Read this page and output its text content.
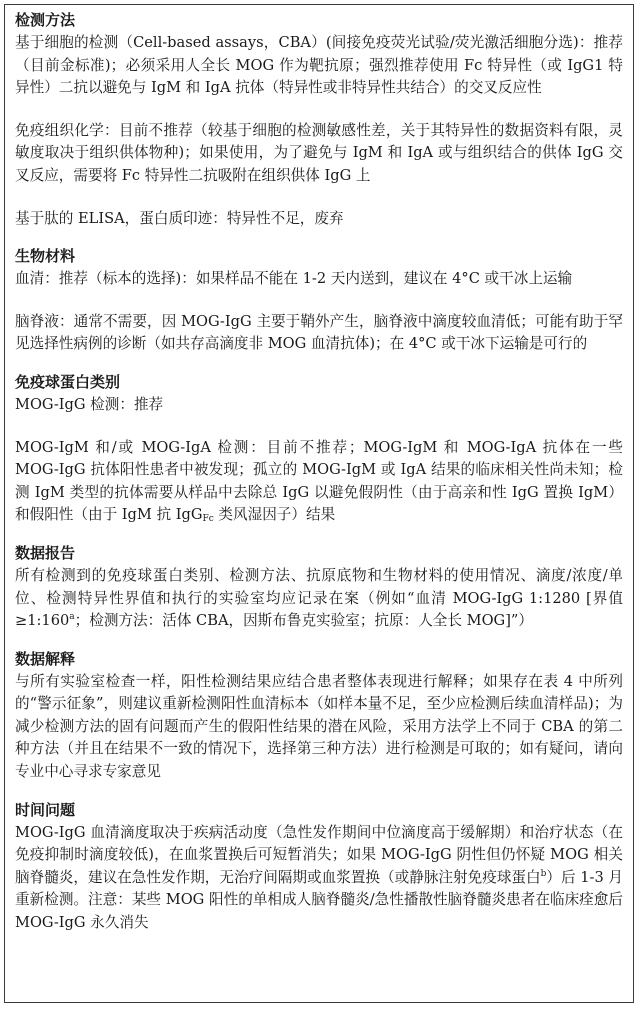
检测方法

基于细胞的检测（Cell-based assays，CBA）(间接免疫荧光试验/荧光激活细胞分选)：推荐（目前金标准)；必须采用人全长 MOG 作为靶抗原；强烈推荐使用 Fc 特异性（或 IgG1 特异性）二抗以避免与 IgM 和 IgA 抗体（特异性或非特异性共结合）的交叉反应性

免疫组织化学：目前不推荐（较基于细胞的检测敏感性差，关于其特异性的数据资料有限，灵敏度取决于组织供体物种)；如果使用，为了避免与 IgM 和 IgA 或与组织结合的供体 IgG 交叉反应，需要将 Fc 特异性二抗吸附在组织供体 IgG 上

基于肽的 ELISA，蛋白质印迹：特异性不足，废弃

生物材料

血清：推荐（标本的选择)：如果样品不能在 1-2 天内送到，建议在 4°C 或干冰上运输

脑脊液：通常不需要，因 MOG-IgG 主要于鞘外产生，脑脊液中滴度较血清低；可能有助于罕见选择性病例的诊断（如共存高滴度非 MOG 血清抗体)；在 4°C 或干冰下运输是可行的

免疫球蛋白类别

MOG-IgG 检测：推荐

MOG-IgM 和/或 MOG-IgA 检测：目前不推荐；MOG-IgM 和 MOG-IgA 抗体在一些 MOG-IgG 抗体阳性患者中被发现；孤立的 MOG-IgM 或 IgA 结果的临床相关性尚未知；检测 IgM 类型的抗体需要从样品中去除总 IgG 以避免假阴性（由于高亲和性 IgG 置换 IgM）和假阳性（由于 IgM 抗 IgG$_{Fc}$ 类风湿因子）结果

数据报告

所有检测到的免疫球蛋白类别、检测方法、抗原底物和生物材料的使用情况、滴度/浓度/单位、检测特异性界值和执行的实验室均应记录在案（例如“血清 MOG-IgG 1:1280 [界值$\ge 1:160^a$；检测方法：活体 CBA，因斯布鲁克实验室；抗原：人全长 MOG]”）

数据解释

与所有实验室检查一样，阳性检测结果应结合患者整体表现进行解释；如果存在表 4 中所列的“警示征象”，则建议重新检测阳性血清标本（如样本量不足，至少应检测后续血清样品)；为减少检测方法的固有问题而产生的假阳性结果的潜在风险，采用方法学上不同于 CBA 的第二种方法（并且在结果不一致的情况下，选择第三种方法）进行检测是可取的；如有疑问，请向专业中心寻求专家意见

时间问题

MOG-IgG 血清滴度取决于疾病活动度（急性发作期间中位滴度高于缓解期）和治疗状态（在免疫抑制时滴度较低)，在血浆置换后可短暂消失；如果 MOG-IgG 阴性但仍怀疑 MOG 相关脑脊髓炎，建议在急性发作期，无治疗间隔期或血浆置换（或静脉注射免疫球蛋白$^b$）后 1-3 月重新检测。注意：某些 MOG 阳性的单相成人脑脊髓炎/急性播散性脑脊髓炎患者在临床痊愈后 MOG-IgG 永久消失
